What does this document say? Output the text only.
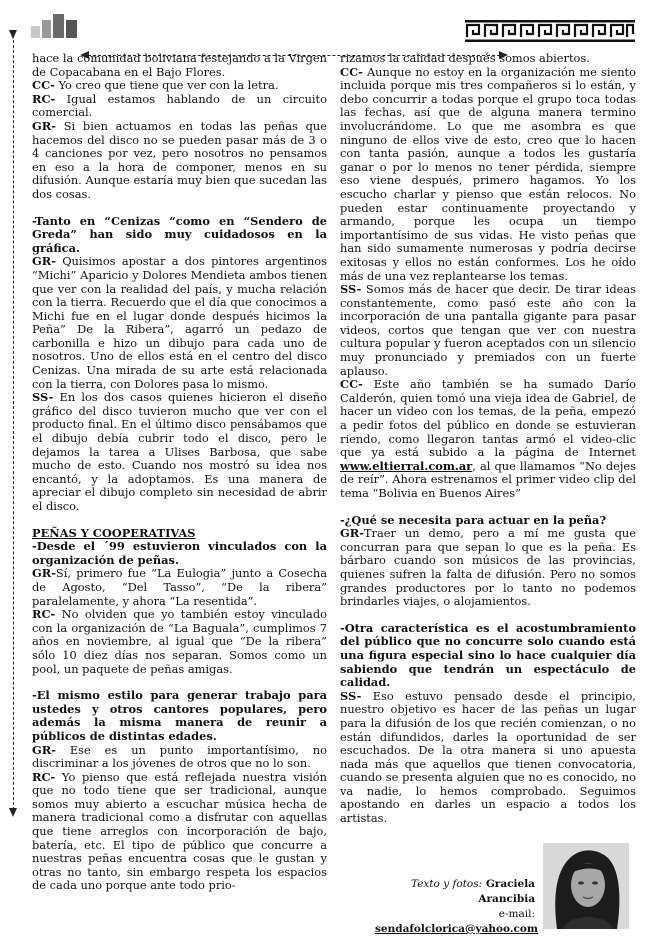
hace la comunidad boliviana festejando a la Virgen de Copacabana en el Bajo Flores.

CC- Yo creo que tiene que ver con la letra.

RC- Igual estamos hablando de un circuito comercial.

GR- Si bien actuamos en todas las peñas que hacemos del disco no se pueden pasar más de 3 o 4 canciones por vez, pero nosotros no pensamos en eso a la hora de componer, menos en su difusión. Aunque estaría muy bien que sucedan las dos cosas.

-Tanto en “Cenizas “como en “Sendero de Greda” han sido muy cuidadosos en la gráfica.

GR- Quisimos apostar a dos pintores argentinos “Michi” Aparicio y Dolores Mendieta ambos tienen que ver con la realidad del país, y mucha relación con la tierra. Recuerdo que el día que conocimos a Michi fue en el lugar donde después hicimos la Peña” De la Ribera”, agarró un pedazo de carbonilla e hizo un dibujo para cada uno de nosotros. Uno de ellos está en el centro del disco Cenizas. Una mirada de su arte está relacionada con la tierra, con Dolores pasa lo mismo.

SS- En los dos casos quienes hicieron el diseño gráfico del disco tuvieron mucho que ver con el producto final. En el último disco pensábamos que el dibujo debía cubrir todo el disco, pero le dejamos la tarea a Ulises Barbosa, que sabe mucho de esto. Cuando nos mostró su idea nos encantó, y la adoptamos. Es una manera de apreciar el dibujo completo sin necesidad de abrir el disco.

PEÑAS Y COOPERATIVAS

-Desde el ´99 estuvieron vinculados con la organización de peñas.

GR-Sí, primero fue “La Eulogia” junto a Cosecha de Agosto, “Del Tasso”, “De la ribera” paralelamente, y ahora “La resentida”.

RC- No olviden que yo también estoy vinculado con la organización de “La Baguala”, cumplimos 7 años en noviembre, al igual que “De la ribera” sólo 10 diez días nos separan. Somos como un pool, un paquete de peñas amigas.

-El mismo estilo para generar trabajo para ustedes y otros cantores populares, pero además la misma manera de reunir a públicos de distintas edades.

GR- Ese es un punto importantísimo, no discriminar a los jóvenes de otros que no lo son.

RC- Yo pienso que está reflejada nuestra visión que no todo tiene que ser tradicional, aunque somos muy abierto a escuchar música hecha de manera tradicional como a disfrutar con aquellas que tiene arreglos con incorporación de bajo, batería, etc. El tipo de público que concurre a nuestras peñas encuentra cosas que le gustan y otras no tanto, sin embargo respeta los espacios de cada uno porque ante todo prio-

rizamos la calidad después somos abiertos.

CC- Aunque no estoy en la organización me siento incluida porque mis tres compañeros si lo están, y debo concurrir a todas porque el grupo toca todas las fechas, así que de alguna manera termino involucrándome. Lo que me asombra es que ninguno de ellos vive de esto, creo que lo hacen con tanta pasión, aunque a todos les gustaría ganar o por lo menos no tener pérdida, siempre eso viene después, primero hagamos. Yo los escucho charlar y pienso que están relocos. No pueden estar continuamente proyectando y armando, porque les ocupa un tiempo importantísimo de sus vidas. He visto peñas que han sido sumamente numerosas y podría decirse exitosas y ellos no están conformes. Los he oído más de una vez replantearse los temas.

SS- Somos más de hacer que decir. De tirar ideas constantemente, como pasó este año con la incorporación de una pantalla gigante para pasar videos, cortos que tengan que ver con nuestra cultura popular y fueron aceptados con un silencio muy pronunciado y premiados con un fuerte aplauso.

CC- Este año también se ha sumado Darío Calderón, quien tomó una vieja idea de Gabriel, de hacer un video con los temas, de la peña, empezó a pedir fotos del público en donde se estuvieran riendo, como llegaron tantas armó el video-clic que ya está subido a la página de Internet www.eltierral.com.ar, al que llamamos “No dejes de reír”. Ahora estrenamos el primer video clip del tema “Bolivia en Buenos Aires”

-¿Qué se necesita para actuar en la peña?

GR-Traer un demo, pero a mí me gusta que concurran para que sepan lo que es la peña. Es bárbaro cuando son músicos de las provincias, quienes sufren la falta de difusión. Pero no somos grandes productores por lo tanto no podemos brindarles viajes, o alojamientos.

-Otra característica es el acostumbramiento del público que no concurre solo cuando está una figura especial sino lo hace cualquier día sabiendo que tendrán un espectáculo de calidad.

SS- Eso estuvo pensado desde el principio, nuestro objetivo es hacer de las peñas un lugar para la difusión de los que recién comienzan, o no están difundidos, darles la oportunidad de ser escuchados. De la otra manera si uno apuesta nada más que aquellos que tienen convocatoria, cuando se presenta alguien que no es conocido, no va nadie, lo hemos comprobado. Seguimos apostando en darles un espacio a todos los artistas.

Texto y fotos: Graciela Arancibia
e-mail: sendafolclorica@yahoo.com
